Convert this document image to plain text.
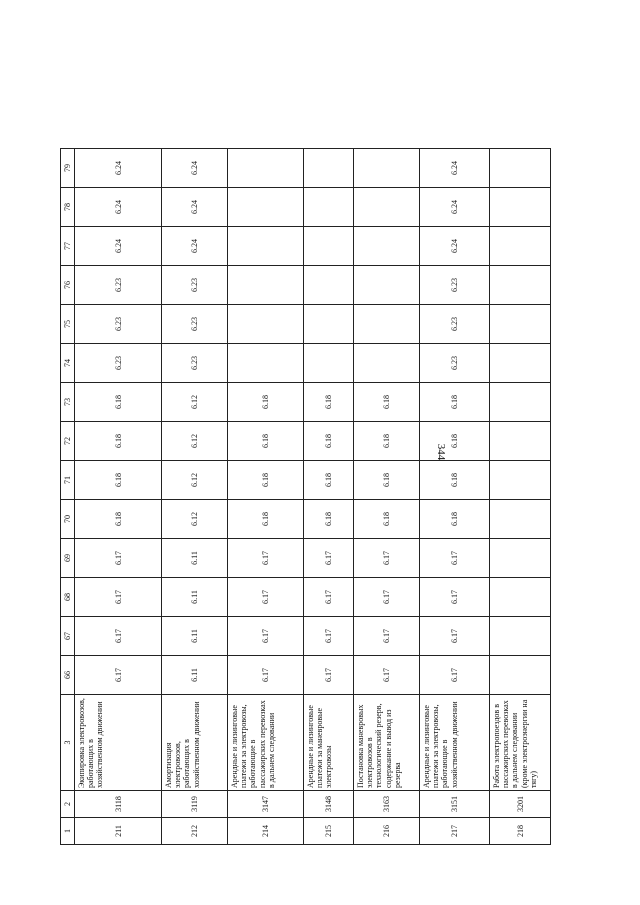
344
1	2	3	66	67	68	69	70	71	72	73	74	75	76	77	78	79
211	3118	Экипировка электровозов, работающих в хозяйственном движении	6.17	6.17	6.17	6.17	6.18	6.18	6.18	6.18	6.23	6.23	6.23	6.24	6.24	6.24
212	3119	Амортизация электровозов, работающих в хозяйственном движении	6.11	6.11	6.11	6.11	6.12	6.12	6.12	6.12	6.23	6.23	6.23	6.24	6.24	6.24
214	3147	Арендные и лизинговые платежи за электровозы, работающие в пассажирских перевозках в дальнем следовании	6.17	6.17	6.17	6.17	6.18	6.18	6.18	6.18						
215	3148	Арендные и лизинговые платежи за маневровые электровозы	6.17	6.17	6.17	6.17	6.18	6.18	6.18	6.18						
216	3163	Постановка маневровых электровозов в технологический резерв, содержание и вывод из резерва	6.17	6.17	6.17	6.17	6.18	6.18	6.18	6.18						
217	3151	Арендные и лизинговые платежи за электровозы, работающие в хозяйственном движении	6.17	6.17	6.17	6.17	6.18	6.18	6.18	6.18	6.23	6.23	6.23	6.24	6.24	6.24
218	3201	Работа электропоездов в пассажирских перевозках в дальнем следовании (кроме электроэнергии на тягу)														
